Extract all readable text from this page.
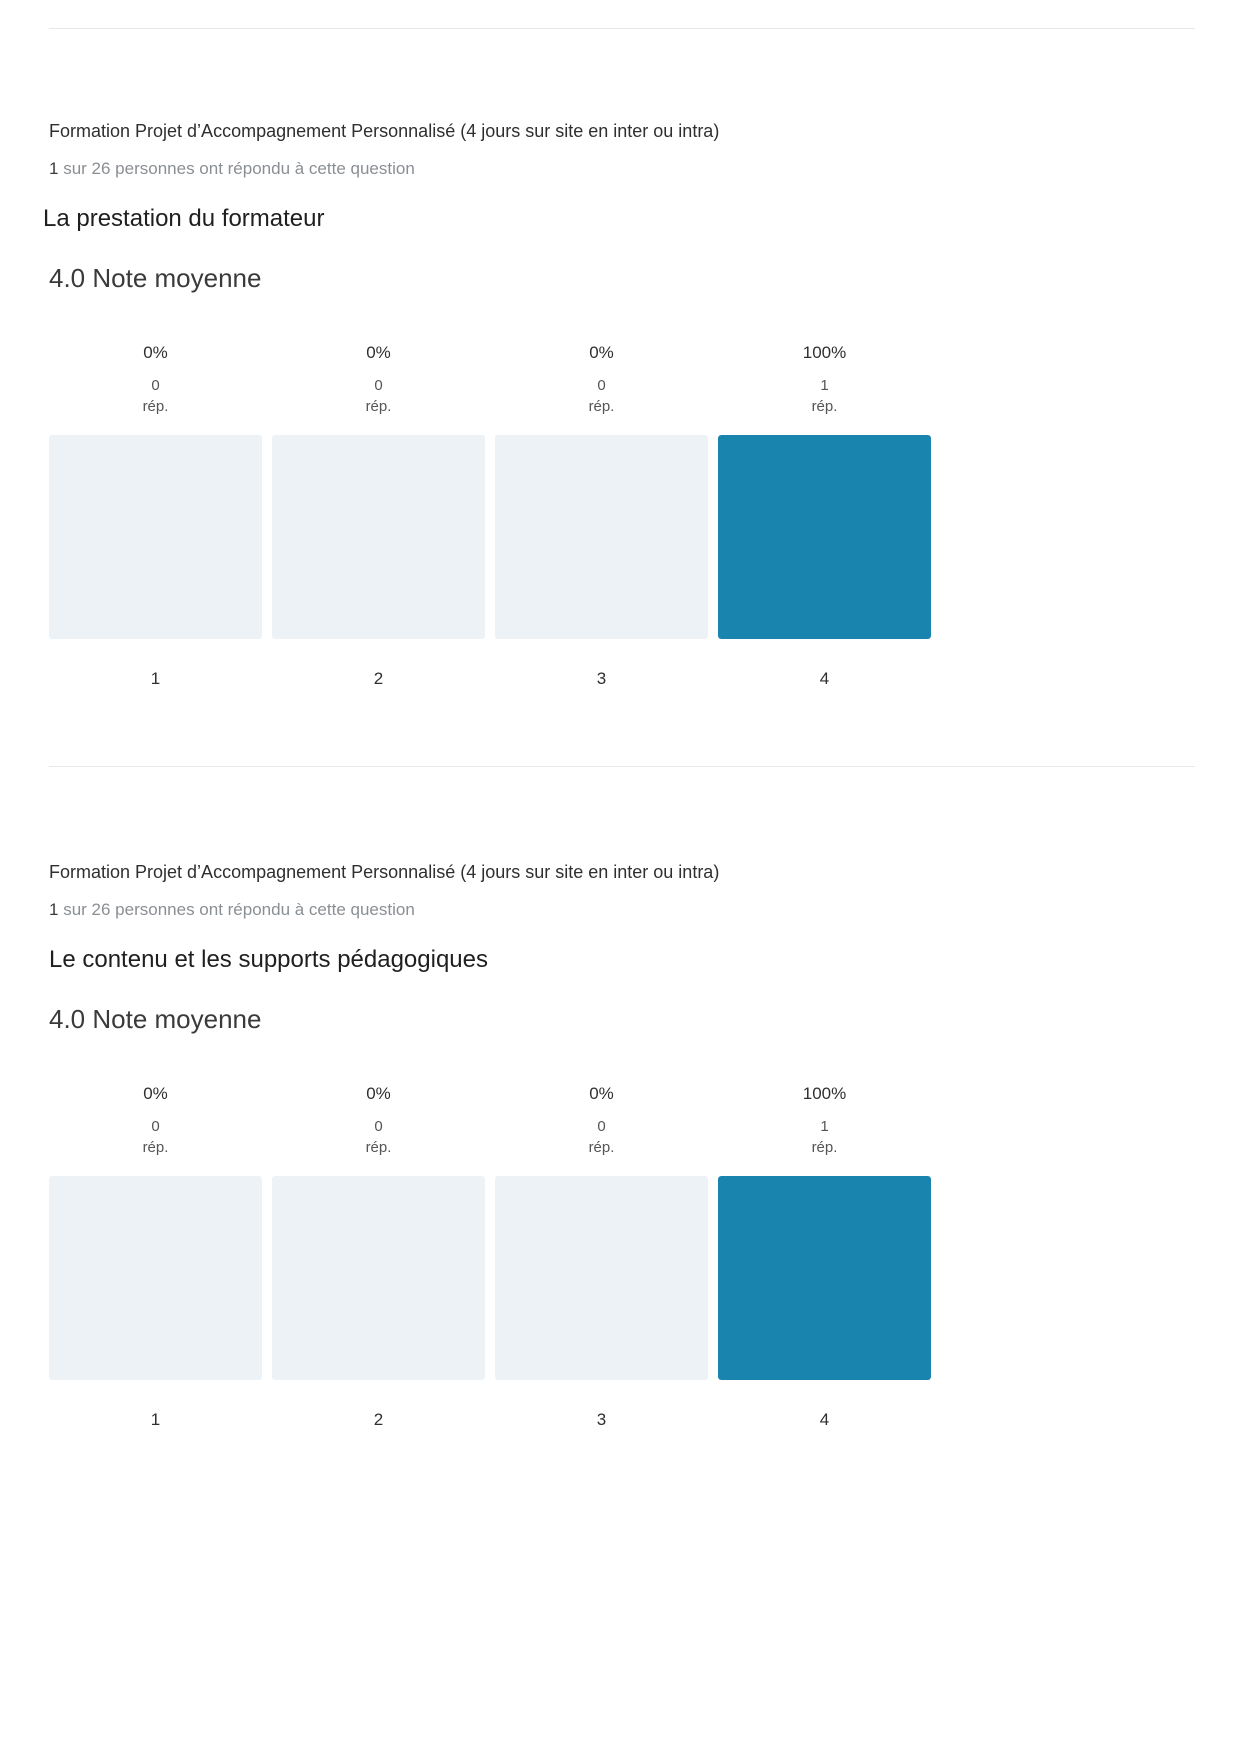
Formation Projet d’Accompagnement Personnalisé (4 jours sur site en inter ou intra)
1 sur 26 personnes ont répondu à cette question
La prestation du formateur
4.0 Note moyenne
0%
0
rép.
1
0%
0
rép.
2
0%
0
rép.
3
100%
1
rép.
4
Formation Projet d’Accompagnement Personnalisé (4 jours sur site en inter ou intra)
1 sur 26 personnes ont répondu à cette question
Le contenu et les supports pédagogiques
4.0 Note moyenne
0%
0
rép.
1
0%
0
rép.
2
0%
0
rép.
3
100%
1
rép.
4
